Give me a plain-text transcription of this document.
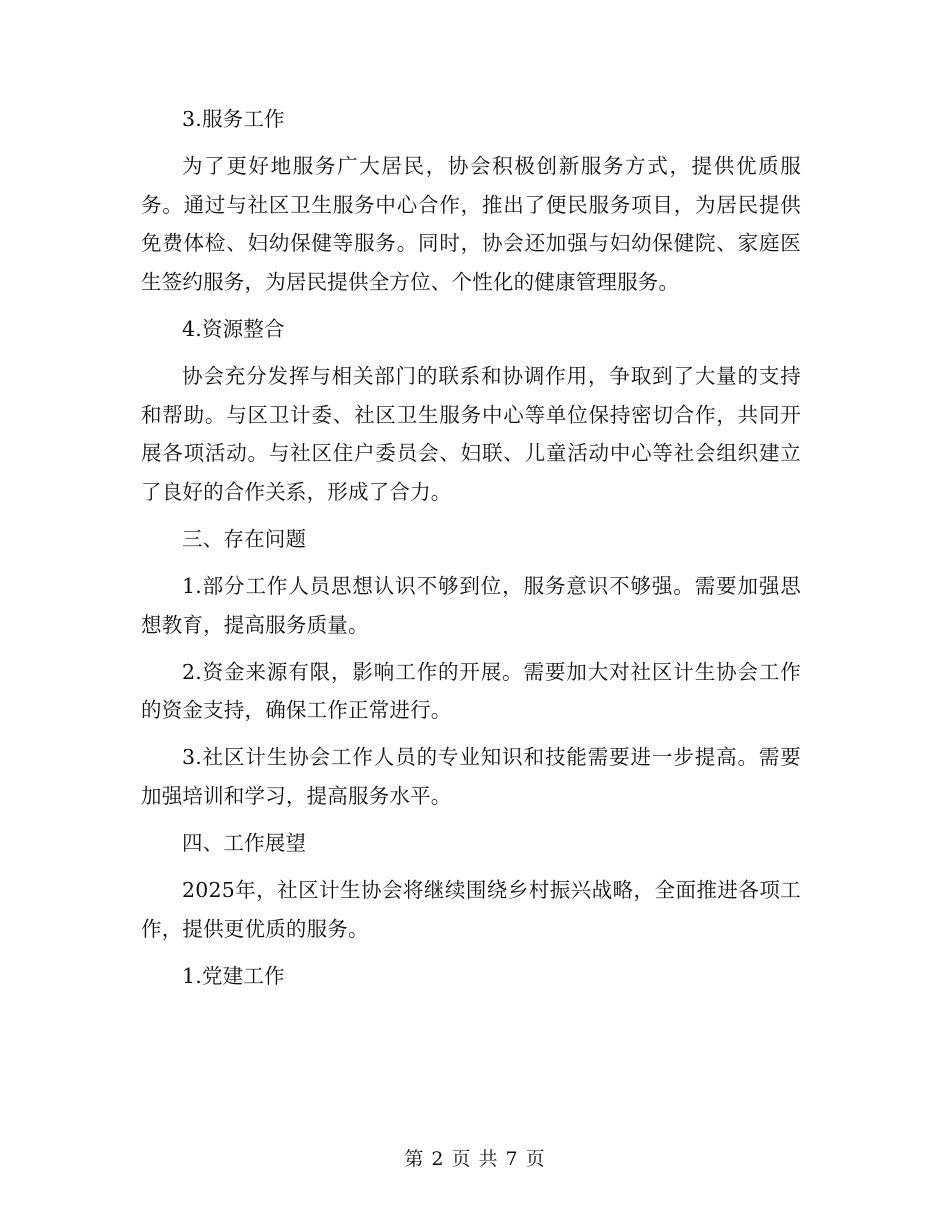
3.服务工作

为了更好地服务广大居民，协会积极创新服务方式，提供优质服务。通过与社区卫生服务中心合作，推出了便民服务项目，为居民提供免费体检、妇幼保健等服务。同时，协会还加强与妇幼保健院、家庭医生签约服务，为居民提供全方位、个性化的健康管理服务。

4.资源整合

协会充分发挥与相关部门的联系和协调作用，争取到了大量的支持和帮助。与区卫计委、社区卫生服务中心等单位保持密切合作，共同开展各项活动。与社区住户委员会、妇联、儿童活动中心等社会组织建立了良好的合作关系，形成了合力。

三、存在问题

1.部分工作人员思想认识不够到位，服务意识不够强。需要加强思想教育，提高服务质量。

2.资金来源有限，影响工作的开展。需要加大对社区计生协会工作的资金支持，确保工作正常进行。

3.社区计生协会工作人员的专业知识和技能需要进一步提高。需要加强培训和学习，提高服务水平。

四、工作展望

2025年，社区计生协会将继续围绕乡村振兴战略，全面推进各项工作，提供更优质的服务。

1.党建工作

第 2 页 共 7 页
